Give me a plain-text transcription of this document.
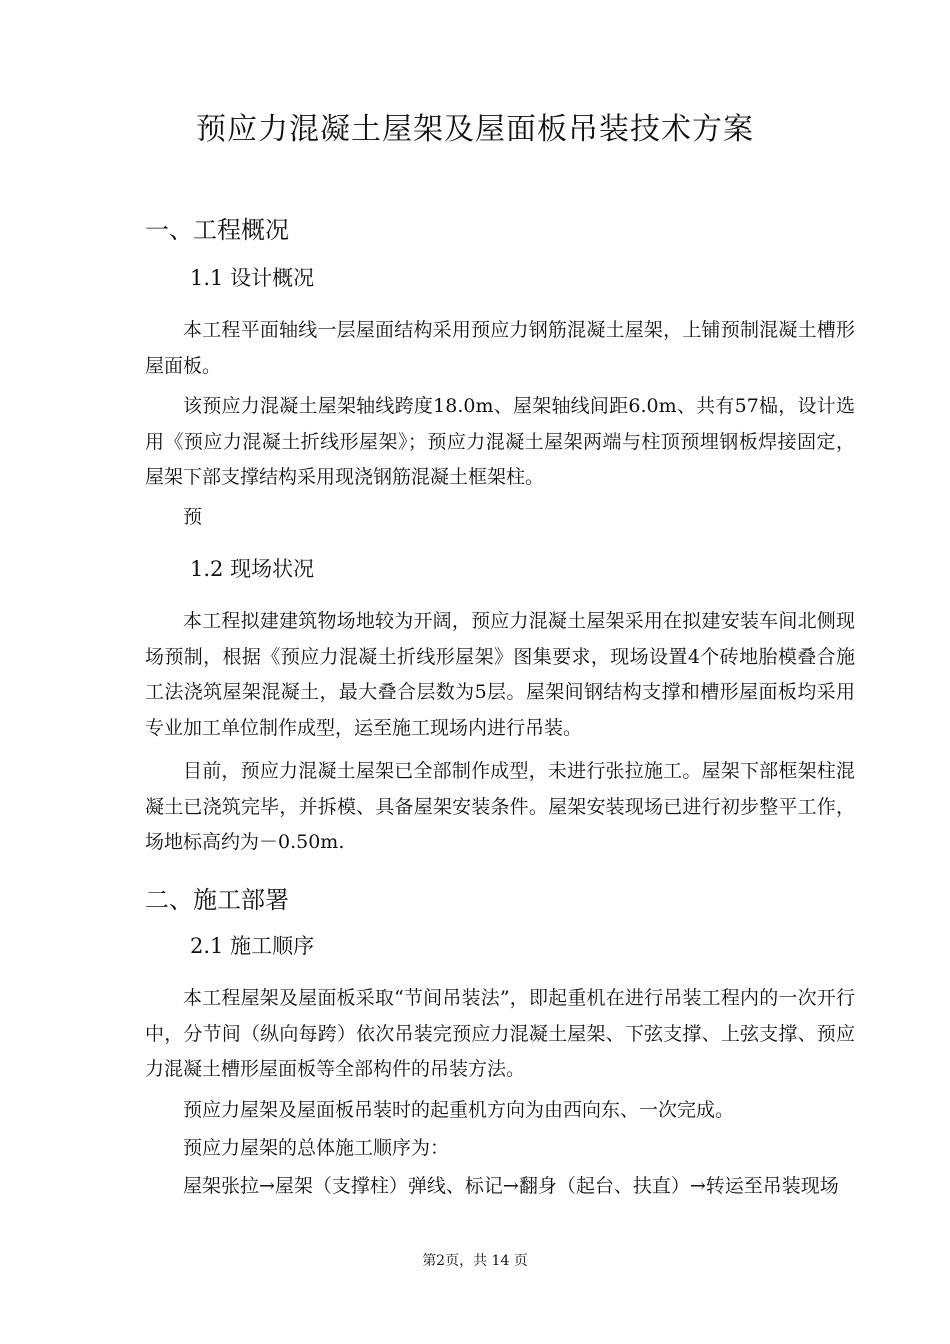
预应力混凝土屋架及屋面板吊装技术方案
一、工程概况
1.1 设计概况

本工程平面轴线一层屋面结构采用预应力钢筋混凝土屋架，上铺预制混凝土槽形屋面板。

该预应力混凝土屋架轴线跨度18.0m、屋架轴线间距6.0m、共有57榀，设计选用《预应力混凝土折线形屋架》；预应力混凝土屋架两端与柱顶预埋钢板焊接固定，屋架下部支撑结构采用现浇钢筋混凝土框架柱。

预

1.2 现场状况

本工程拟建建筑物场地较为开阔，预应力混凝土屋架采用在拟建安装车间北侧现场预制，根据《预应力混凝土折线形屋架》图集要求，现场设置4个砖地胎模叠合施工法浇筑屋架混凝土，最大叠合层数为5层。屋架间钢结构支撑和槽形屋面板均采用专业加工单位制作成型，运至施工现场内进行吊装。

目前，预应力混凝土屋架已全部制作成型，未进行张拉施工。屋架下部框架柱混凝土已浇筑完毕，并拆模、具备屋架安装条件。屋架安装现场已进行初步整平工作，场地标高约为－0.50m.

二、施工部署
2.1 施工顺序

本工程屋架及屋面板采取“节间吊装法”，即起重机在进行吊装工程内的一次开行中，分节间（纵向每跨）依次吊装完预应力混凝土屋架、下弦支撑、上弦支撑、预应力混凝土槽形屋面板等全部构件的吊装方法。

预应力屋架及屋面板吊装时的起重机方向为由西向东、一次完成。

预应力屋架的总体施工顺序为：

屋架张拉→屋架（支撑柱）弹线、标记→翻身（起台、扶直）→转运至吊装现场
第2页，共 14 页
